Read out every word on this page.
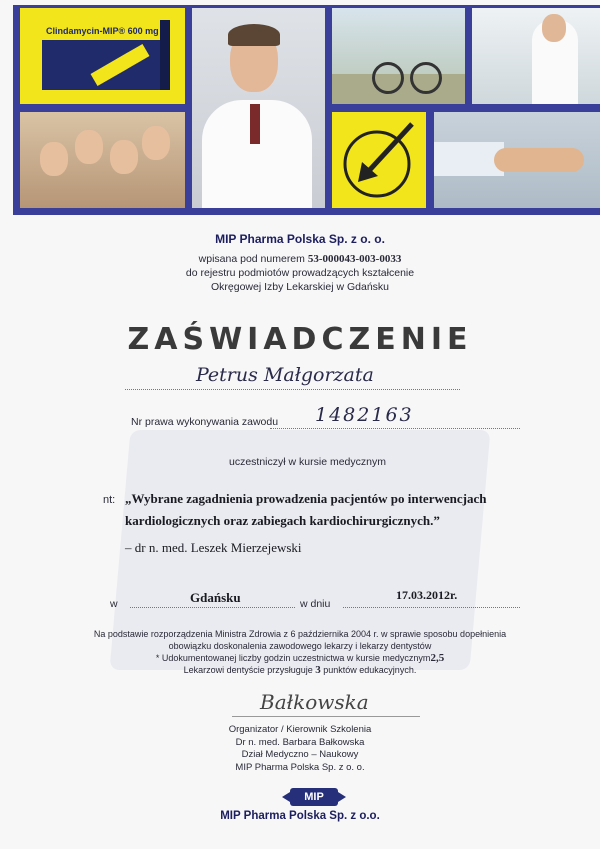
Clindamycin-MIP® 600 mg
MIP Pharma Polska Sp. z o. o.
wpisana pod numerem 53-000043-003-0033
do rejestru podmiotów prowadzących kształcenie
Okręgowej Izby Lekarskiej w Gdańsku
ZAŚWIADCZENIE
Petrus Małgorzata
Nr prawa wykonywania zawodu 1482163
uczestniczył w kursie medycznym
nt: „Wybrane zagadnienia prowadzenia pacjentów po interwencjach
kardiologicznych oraz zabiegach kardiochirurgicznych.”
– dr n. med. Leszek Mierzejewski
w	Gdańsku	w dniu
17.03.2012r.
Na podstawie rozporządzenia Ministra Zdrowia z 6 października 2004 r. w sprawie sposobu dopełnienia
obowiązku doskonalenia zawodowego lekarzy i lekarzy dentystów
* Udokumentowanej liczby godzin uczestnictwa w kursie medycznym2,5
Lekarzowi dentyście przysługuje 3 punktów edukacyjnych.
Bałkowska
Organizator / Kierownik Szkolenia
Dr n. med. Barbara Bałkowska
Dział Medyczno – Naukowy
MIP Pharma Polska Sp. z o. o.
MIP
MIP Pharma Polska Sp. z o.o.
